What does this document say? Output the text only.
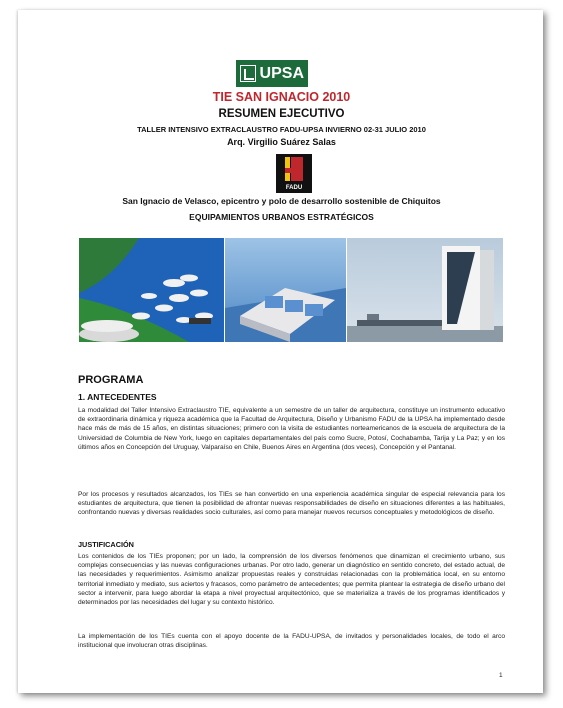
UPSA
TIE SAN IGNACIO 2010
RESUMEN EJECUTIVO
TALLER INTENSIVO EXTRACLAUSTRO FADU-UPSA INVIERNO 02-31 JULIO 2010
Arq. Virgilio Suárez Salas
FADU
San Ignacio de Velasco, epicentro y polo de desarrollo sostenible de Chiquitos
EQUIPAMIENTOS URBANOS ESTRATÉGICOS
PROGRAMA
1. ANTECEDENTES
La modalidad del Taller Intensivo Extraclaustro TIE, equivalente a un semestre de un taller de arquitectura, constituye un instrumento educativo de extraordinaria dinámica y riqueza académica que la Facultad de Arquitectura, Diseño y Urbanismo FADU de la UPSA ha implementado desde hace más de más de 15 años, en distintas situaciones; primero con la visita de estudiantes norteamericanos de la escuela de arquitectura de la Universidad de Columbia de New York, luego en capitales departamentales del país como Sucre, Potosí, Cochabamba, Tarija y La Paz; y en los últimos años en Concepción del Uruguay, Valparaíso en Chile, Buenos Aires en Argentina (dos veces), Concepción y el Pantanal.
Por los procesos y resultados alcanzados, los TIEs se han convertido en una experiencia académica singular de especial relevancia para los estudiantes de arquitectura, que tienen la posibilidad de afrontar nuevas responsabilidades de diseño en situaciones diferentes a las habituales, confrontando nuevas y diversas realidades socio culturales, así como para manejar nuevos recursos conceptuales y metodológicos de diseño.
JUSTIFICACIÓN
Los contenidos de los TIEs proponen; por un lado, la comprensión de los diversos fenómenos que dinamizan el crecimiento urbano, sus complejas consecuencias y las nuevas configuraciones urbanas. Por otro lado, generar un diagnóstico en sentido concreto, del estado actual, de las necesidades y requerimientos. Asimismo analizar propuestas reales y construidas relacionadas con la problemática local, en su entorno territorial inmediato y mediato, sus aciertos y fracasos, como parámetro de antecedentes; que permita plantear la estrategia de diseño urbano del sector a intervenir, para luego abordar la etapa a nivel proyectual arquitectónico, que se materializa a través de los programas identificados y determinados por las necesidades del lugar y su contexto histórico.
La implementación de los TIEs cuenta con el apoyo docente de la FADU-UPSA, de invitados y personalidades locales, de todo el arco institucional que involucran otras disciplinas.
1
